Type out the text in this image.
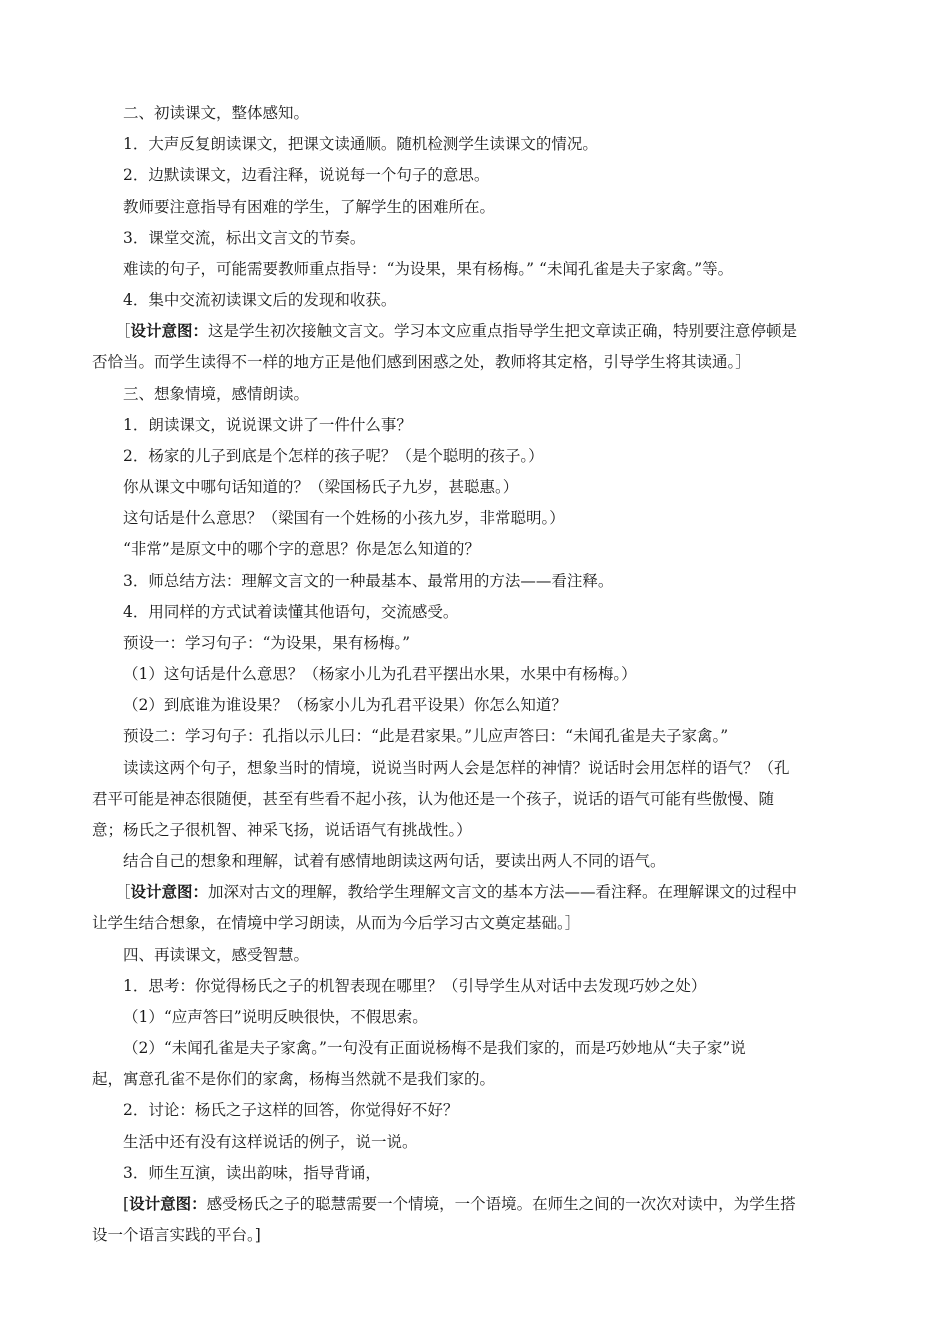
二、初读课文，整体感知。
1．大声反复朗读课文，把课文读通顺。随机检测学生读课文的情况。
2．边默读课文，边看注释，说说每一个句子的意思。
教师要注意指导有困难的学生，了解学生的困难所在。
3．课堂交流，标出文言文的节奏。
难读的句子，可能需要教师重点指导：“为设果，果有杨梅。” “未闻孔雀是夫子家禽。”等。
4．集中交流初读课文后的发现和收获。
［设计意图：这是学生初次接触文言文。学习本文应重点指导学生把文章读正确，特别要注意停顿是
否恰当。而学生读得不一样的地方正是他们感到困惑之处，教师将其定格，引导学生将其读通。］
三、想象情境，感情朗读。
1．朗读课文，说说课文讲了一件什么事？
2．杨家的儿子到底是个怎样的孩子呢？（是个聪明的孩子。）
你从课文中哪句话知道的？（梁国杨氏子九岁，甚聪惠。）
这句话是什么意思？（梁国有一个姓杨的小孩九岁，非常聪明。）
“非常”是原文中的哪个字的意思？你是怎么知道的？
3．师总结方法：理解文言文的一种最基本、最常用的方法——看注释。
4．用同样的方式试着读懂其他语句，交流感受。
预设一：学习句子：“为设果，果有杨梅。”
（1）这句话是什么意思？（杨家小儿为孔君平摆出水果，水果中有杨梅。）
（2）到底谁为谁设果？（杨家小儿为孔君平设果）你怎么知道？
预设二：学习句子：孔指以示儿曰：“此是君家果。”儿应声答曰：“未闻孔雀是夫子家禽。”
读读这两个句子，想象当时的情境，说说当时两人会是怎样的神情？说话时会用怎样的语气？（孔
君平可能是神态很随便，甚至有些看不起小孩，认为他还是一个孩子，说话的语气可能有些傲慢、随
意；杨氏之子很机智、神采飞扬，说话语气有挑战性。）
结合自己的想象和理解，试着有感情地朗读这两句话，要读出两人不同的语气。
［设计意图：加深对古文的理解，教给学生理解文言文的基本方法——看注释。在理解课文的过程中
让学生结合想象，在情境中学习朗读，从而为今后学习古文奠定基础。］
四、再读课文，感受智慧。
1．思考：你觉得杨氏之子的机智表现在哪里？（引导学生从对话中去发现巧妙之处）
（1）“应声答曰”说明反映很快，不假思索。
（2）“未闻孔雀是夫子家禽。”一句没有正面说杨梅不是我们家的，而是巧妙地从“夫子家”说
起，寓意孔雀不是你们的家禽，杨梅当然就不是我们家的。
2．讨论：杨氏之子这样的回答，你觉得好不好？
生活中还有没有这样说话的例子，说一说。
3．师生互演，读出韵味，指导背诵，
[设计意图：感受杨氏之子的聪慧需要一个情境，一个语境。在师生之间的一次次对读中，为学生搭
设一个语言实践的平台。]
